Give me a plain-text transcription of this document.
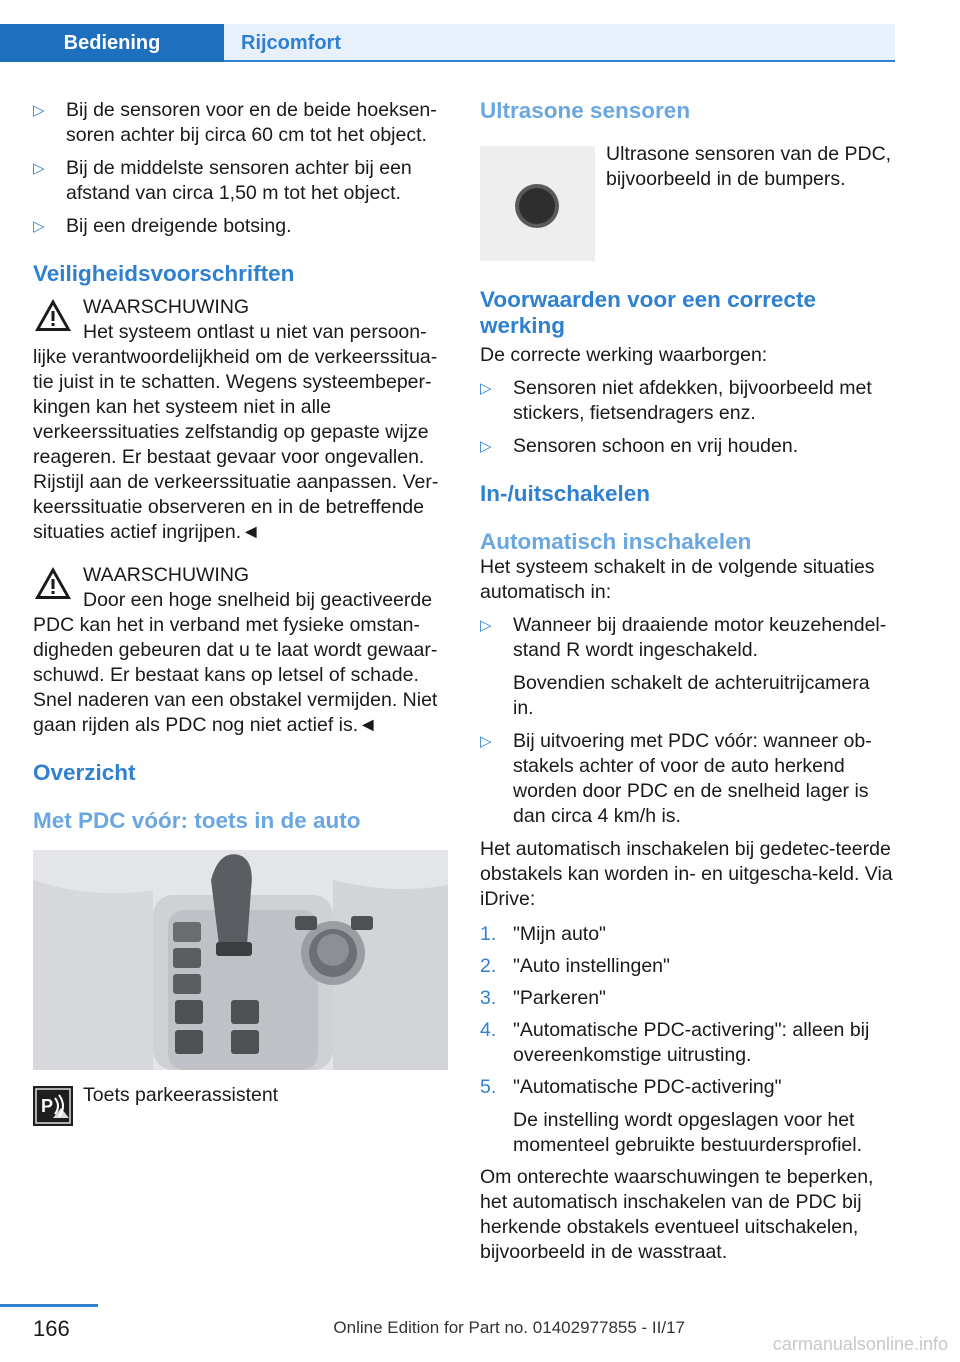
Bediening	Rijcomfort
▷ Bij de sensoren voor en de beide hoeksen-soren achter bij circa 60 cm tot het object.
▷ Bij de middelste sensoren achter bij een afstand van circa 1,50 m tot het object.
▷ Bij een dreigende botsing.
Veiligheidsvoorschriften

WAARSCHUWING

Het systeem ontlast u niet van persoon-lijke verantwoordelijkheid om de verkeerssitua-tie juist in te schatten. Wegens systeembeper-kingen kan het systeem niet in alle verkeerssituaties zelfstandig op gepaste wijze reageren. Er bestaat gevaar voor ongevallen. Rijstijl aan de verkeerssituatie aanpassen. Ver-keerssituatie observeren en in de betreffende situaties actief ingrijpen.◄

WAARSCHUWING

Door een hoge snelheid bij geactiveerde PDC kan het in verband met fysieke omstan-digheden gebeuren dat u te laat wordt gewaar-schuwd. Er bestaat kans op letsel of schade. Snel naderen van een obstakel vermijden. Niet gaan rijden als PDC nog niet actief is.◄

Overzicht
Met PDC vóór: toets in de auto
P Toets parkeerassistent
Ultrasone sensoren

Ultrasone sensoren van de PDC, bijvoorbeeld in de bumpers.

Voorwaarden voor een correcte werking

De correcte werking waarborgen:

▷ Sensoren niet afdekken, bijvoorbeeld met stickers, fietsendragers enz.
▷ Sensoren schoon en vrij houden.
In-/uitschakelen
Automatisch inschakelen

Het systeem schakelt in de volgende situaties automatisch in:

▷ Wanneer bij draaiende motor keuzehendel-stand R wordt ingeschakeld.
Bovendien schakelt de achteruitrijcamera in.
▷ Bij uitvoering met PDC vóór: wanneer ob-stakels achter of voor de auto herkend worden door PDC en de snelheid lager is dan circa 4 km/h is.

Het automatisch inschakelen bij gedetec-teerde obstakels kan worden in- en uitgescha-keld. Via iDrive:

1. "Mijn auto"
2. "Auto instellingen"
3. "Parkeren"
4. "Automatische PDC-activering": alleen bij overeenkomstige uitrusting.
5. "Automatische PDC-activering"
De instelling wordt opgeslagen voor het momenteel gebruikte bestuurdersprofiel.

Om onterechte waarschuwingen te beperken, het automatisch inschakelen van de PDC bij herkende obstakels eventueel uitschakelen, bijvoorbeeld in de wasstraat.

166	Online Edition for Part no. 01402977855 - II/17
carmanualsonline.info
